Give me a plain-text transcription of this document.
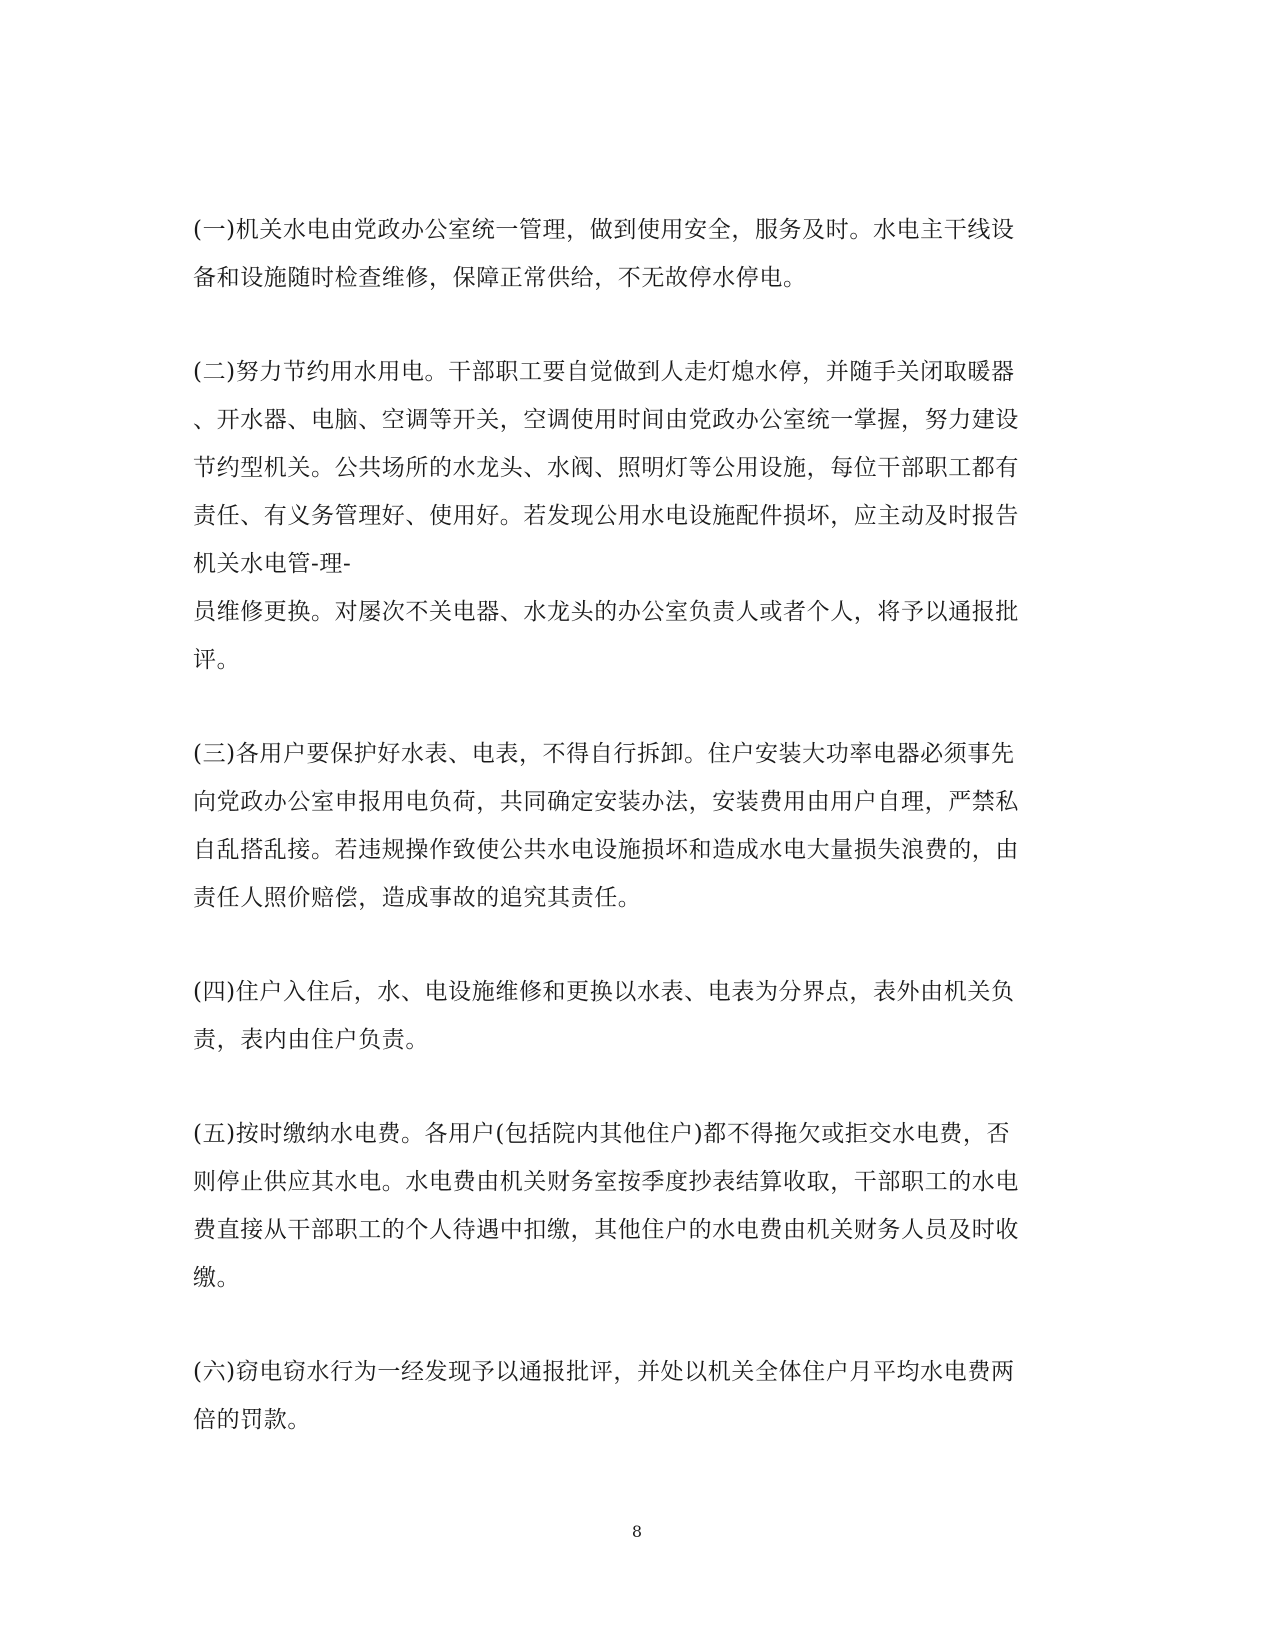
(一)机关水电由党政办公室统一管理，做到使用安全，服务及时。水电主干线设
备和设施随时检查维修，保障正常供给，不无故停水停电。
(二)努力节约用水用电。干部职工要自觉做到人走灯熄水停，并随手关闭取暖器
、开水器、电脑、空调等开关，空调使用时间由党政办公室统一掌握，努力建设
节约型机关。公共场所的水龙头、水阀、照明灯等公用设施，每位干部职工都有
责任、有义务管理好、使用好。若发现公用水电设施配件损坏，应主动及时报告
机关水电管-理-
员维修更换。对屡次不关电器、水龙头的办公室负责人或者个人，将予以通报批
评。
(三)各用户要保护好水表、电表，不得自行拆卸。住户安装大功率电器必须事先
向党政办公室申报用电负荷，共同确定安装办法，安装费用由用户自理，严禁私
自乱搭乱接。若违规操作致使公共水电设施损坏和造成水电大量损失浪费的，由
责任人照价赔偿，造成事故的追究其责任。
(四)住户入住后，水、电设施维修和更换以水表、电表为分界点，表外由机关负
责，表内由住户负责。
(五)按时缴纳水电费。各用户(包括院内其他住户)都不得拖欠或拒交水电费，否
则停止供应其水电。水电费由机关财务室按季度抄表结算收取，干部职工的水电
费直接从干部职工的个人待遇中扣缴，其他住户的水电费由机关财务人员及时收
缴。
(六)窃电窃水行为一经发现予以通报批评，并处以机关全体住户月平均水电费两
倍的罚款。
8
